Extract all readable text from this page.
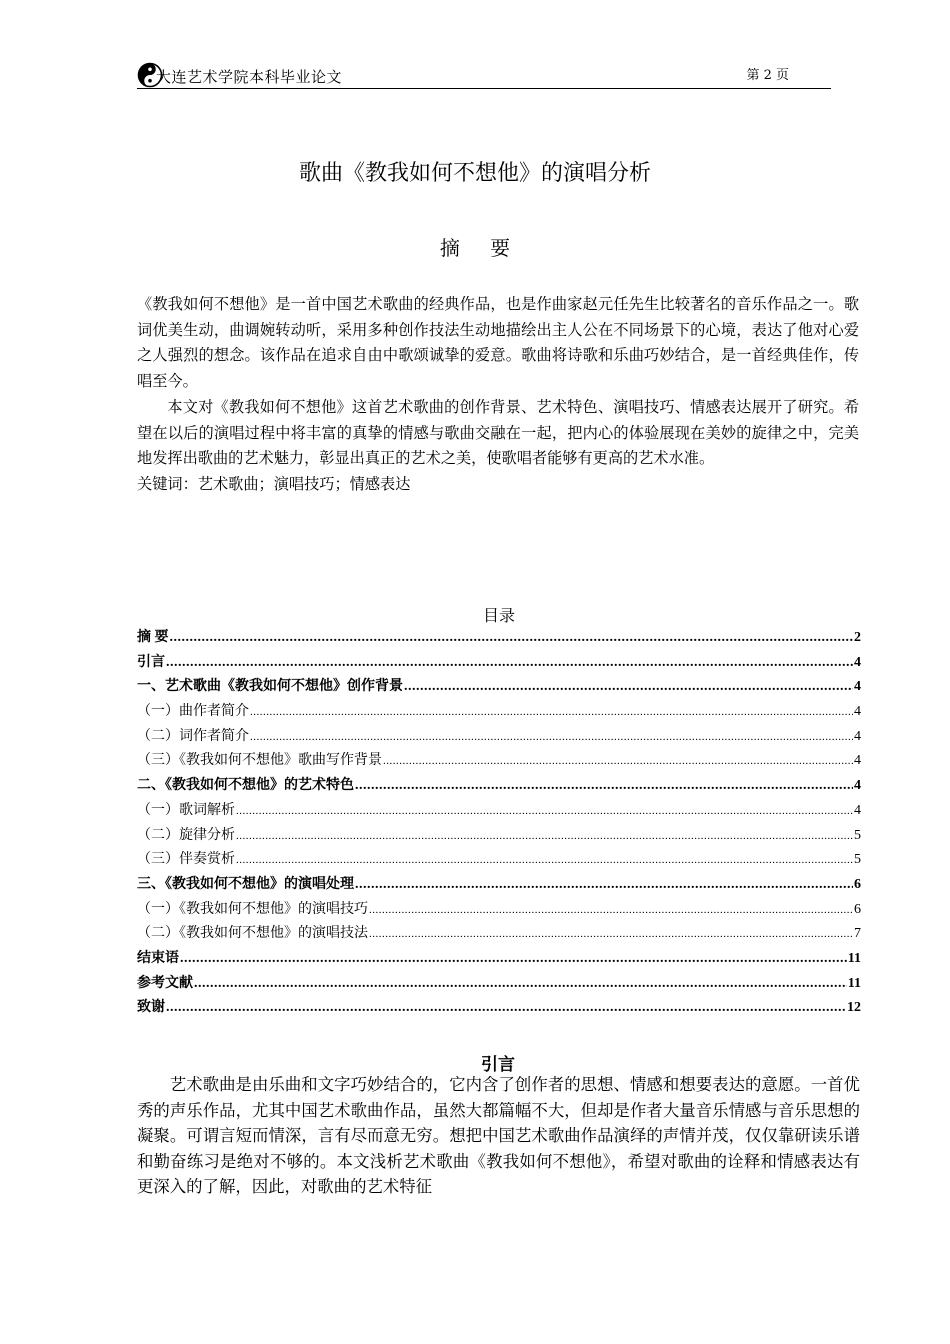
大连艺术学院本科毕业论文	第 2 页
歌曲《教我如何不想他》的演唱分析
摘 要

《教我如何不想他》是一首中国艺术歌曲的经典作品，也是作曲家赵元任先生比较著名的音乐作品之一。歌词优美生动，曲调婉转动听，采用多种创作技法生动地描绘出主人公在不同场景下的心境，表达了他对心爱之人强烈的想念。该作品在追求自由中歌颂诚挚的爱意。歌曲将诗歌和乐曲巧妙结合，是一首经典佳作，传唱至今。

本文对《教我如何不想他》这首艺术歌曲的创作背景、艺术特色、演唱技巧、情感表达展开了研究。希望在以后的演唱过程中将丰富的真挚的情感与歌曲交融在一起，把内心的体验展现在美妙的旋律之中，完美地发挥出歌曲的艺术魅力，彰显出真正的艺术之美，使歌唱者能够有更高的艺术水准。

关键词：艺术歌曲；演唱技巧；情感表达

目录
摘 要 .....	2
引言 .....	4
一、艺术歌曲《教我如何不想他》创作背景 .....	4
（一）曲作者简介 .....	4
（二）词作者简介 .....	4
（三）《教我如何不想他》歌曲写作背景 .....	4
二、《教我如何不想他》的艺术特色 .....	4
（一）歌词解析 .....	4
（二）旋律分析 .....	5
（三）伴奏赏析 .....	5
三、《教我如何不想他》的演唱处理 .....	6
（一）《教我如何不想他》的演唱技巧 .....	6
（二）《教我如何不想他》的演唱技法 .....	7
结束语 .....	11
参考文献 .....	11
致谢 .....	12
引言

艺术歌曲是由乐曲和文字巧妙结合的，它内含了创作者的思想、情感和想要表达的意愿。一首优秀的声乐作品，尤其中国艺术歌曲作品，虽然大都篇幅不大，但却是作者大量音乐情感与音乐思想的凝聚。可谓言短而情深，言有尽而意无穷。想把中国艺术歌曲作品演绎的声情并茂，仅仅靠研读乐谱和勤奋练习是绝对不够的。本文浅析艺术歌曲《教我如何不想他》，希望对歌曲的诠释和情感表达有更深入的了解，因此，对歌曲的艺术特征
